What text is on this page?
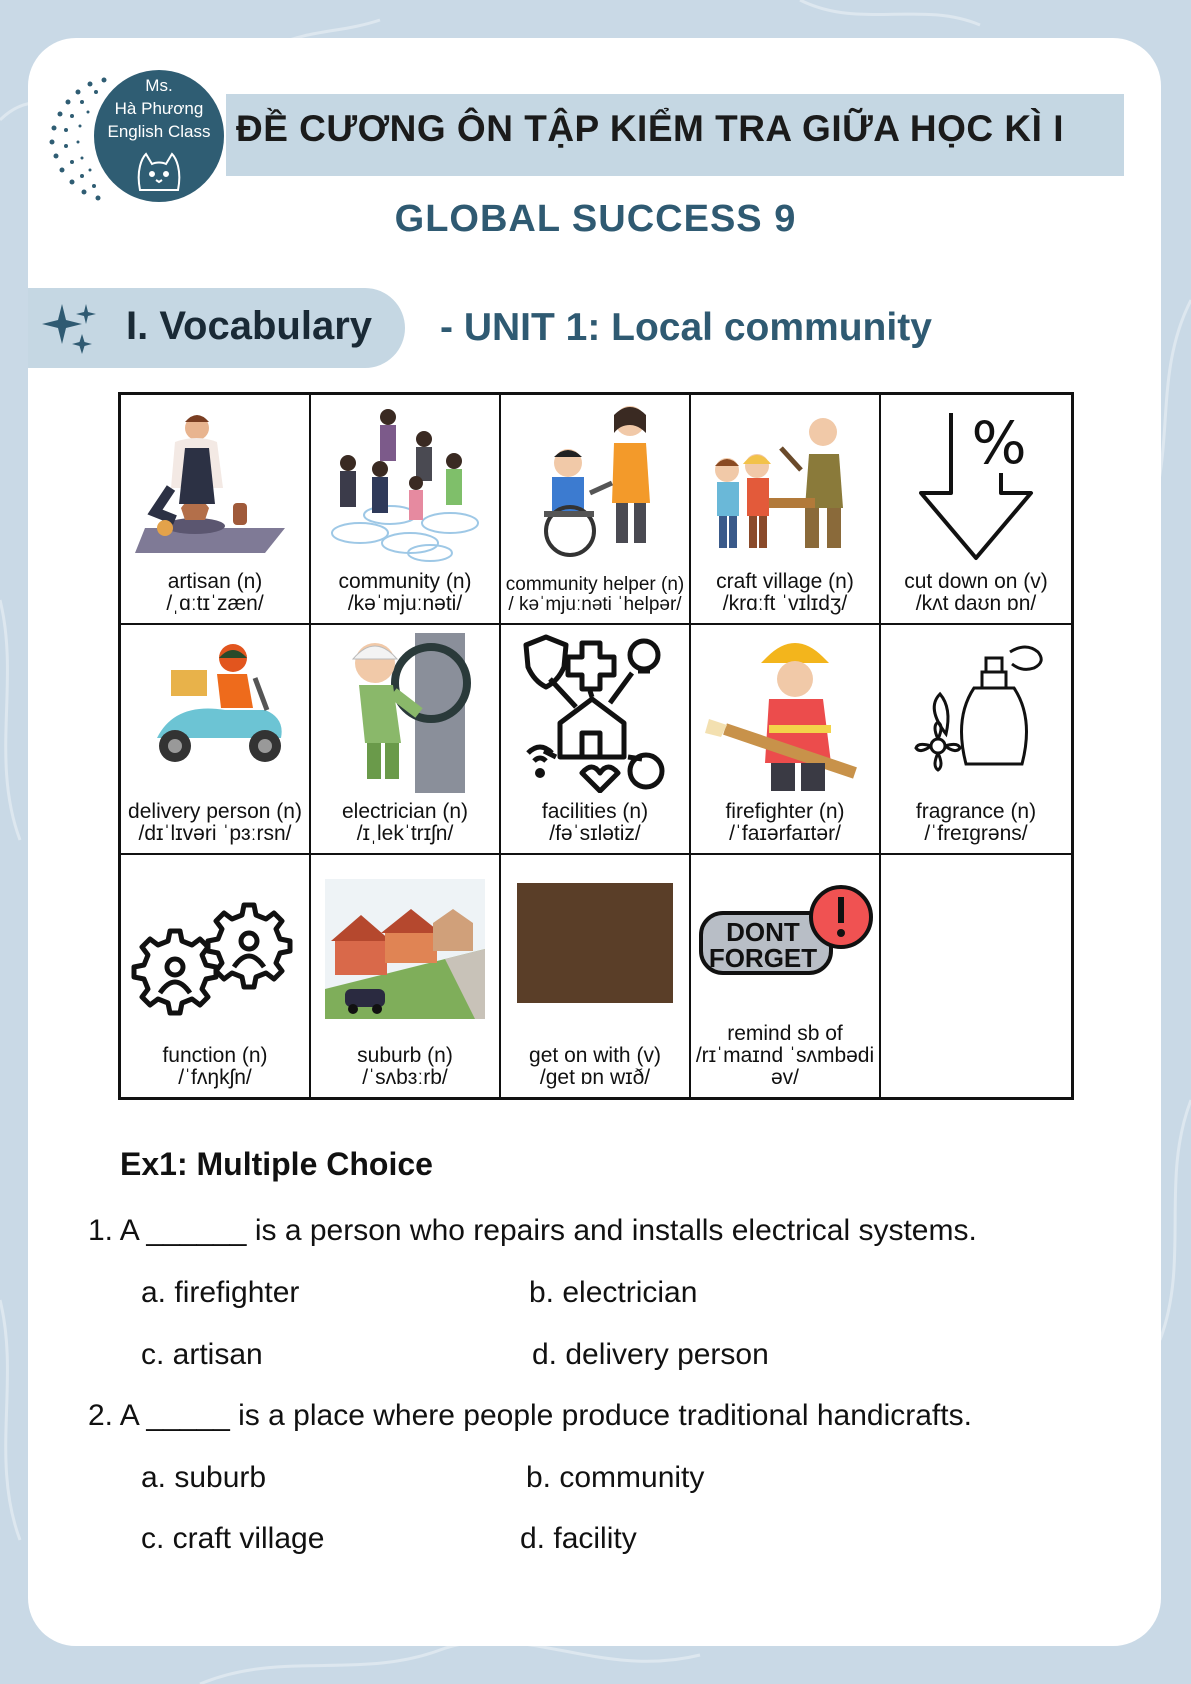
Ms.
Hà Phương
English Class ĐỀ CƯƠNG ÔN TẬP KIỂM TRA GIỮA HỌC KÌ I
GLOBAL SUCCESS 9
I. Vocabulary - UNIT 1: Local community
artisan (n)
/ˌɑːtɪˈzæn/
community (n)
/kəˈmjuːnəti/
community helper (n) / kəˈmjuːnəti ˈhelpər/
craft village (n)
/krɑːft ˈvɪlɪdʒ/
%
cut down on (v)
/kʌt daʊn ɒn/
delivery person (n) /dɪˈlɪvəri ˈpɜːrsn/
electrician (n)
/ɪˌlekˈtrɪʃn/
facilities (n)
/fəˈsɪlətiz/
firefighter (n)
/ˈfaɪərfaɪtər/
fragrance (n)
/ˈfreɪɡrəns/
function (n)
/ˈfʌŋkʃn/
suburb (n)
/ˈsʌbɜːrb/
get on with (v)
/get ɒn wɪð/
DONT
FORGET
remind sb of
/rɪˈmaɪnd ˈsʌmbədi əv/
Ex1: Multiple Choice
1. A ______ is a person who repairs and installs electrical systems.
a. firefighter	b. electrician
c. artisan	d. delivery person
2. A _____ is a place where people produce traditional handicrafts.
a. suburb	b. community
c. craft village	d. facility
